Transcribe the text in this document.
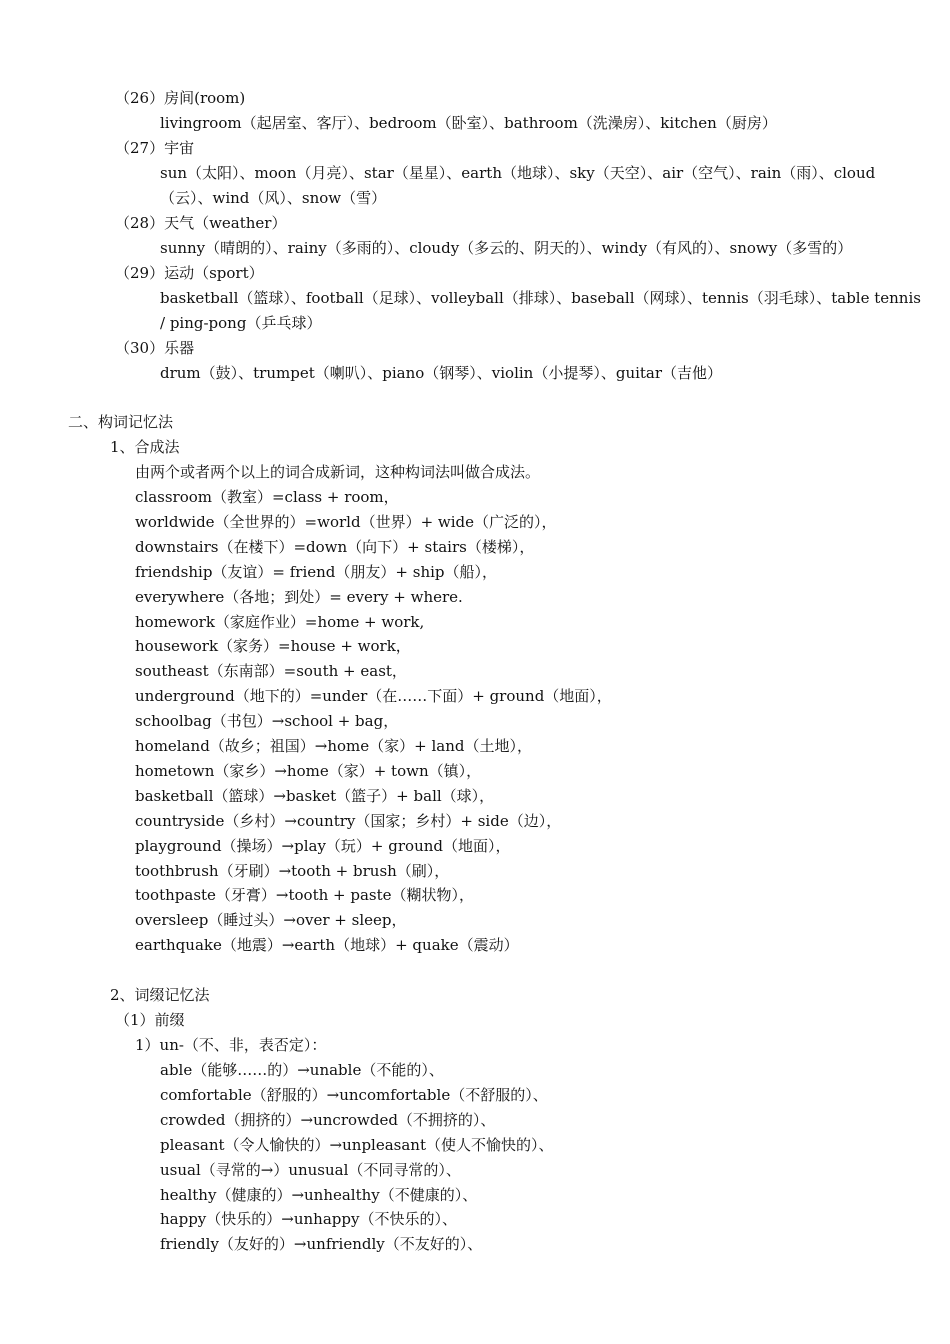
（26）房间(room)
livingroom（起居室、客厅）、bedroom（卧室）、bathroom（洗澡房）、kitchen（厨房）
（27）宇宙
sun（太阳）、moon（月亮）、star（星星）、earth（地球）、sky（天空）、air（空气）、rain（雨）、cloud
（云）、wind（风）、snow（雪）
（28）天气（weather）
sunny（晴朗的）、rainy（多雨的）、cloudy（多云的、阴天的）、windy（有风的）、snowy（多雪的）
（29）运动（sport）
basketball（篮球）、football（足球）、volleyball（排球）、baseball（网球）、tennis（羽毛球）、table tennis
/ ping-pong（乒乓球）
（30）乐器
drum（鼓）、trumpet（喇叭）、piano（钢琴）、violin（小提琴）、guitar（吉他）
二、构词记忆法
1、合成法
由两个或者两个以上的词合成新词，这种构词法叫做合成法。
classroom（教室）=class + room，
worldwide（全世界的）=world（世界）+ wide（广泛的），
downstairs（在楼下）=down（向下）+ stairs（楼梯），
friendship（友谊）= friend（朋友）+ ship（船），
everywhere（各地；到处）= every + where.
homework（家庭作业）=home + work,
housework（家务）=house + work，
southeast（东南部）=south + east，
underground（地下的）=under（在……下面）+ ground（地面），
schoolbag（书包）→school + bag，
homeland（故乡；祖国）→home（家）+ land（土地），
hometown（家乡）→home（家）+ town（镇），
basketball（篮球）→basket（篮子）+ ball（球），
countryside（乡村）→country（国家；乡村）+ side（边），
playground（操场）→play（玩）+ ground（地面），
toothbrush（牙刷）→tooth + brush（刷），
toothpaste（牙膏）→tooth + paste（糊状物），
oversleep（睡过头）→over + sleep，
earthquake（地震）→earth（地球）+ quake（震动）
2、词缀记忆法
（1）前缀
1）un-（不、非，表否定）：
able（能够……的）→unable（不能的）、
comfortable（舒服的）→uncomfortable（不舒服的）、
crowded（拥挤的）→uncrowded（不拥挤的）、
pleasant（令人愉快的）→unpleasant（使人不愉快的）、
usual（寻常的→）unusual（不同寻常的）、
healthy（健康的）→unhealthy（不健康的）、
happy（快乐的）→unhappy（不快乐的）、
friendly（友好的）→unfriendly（不友好的）、
